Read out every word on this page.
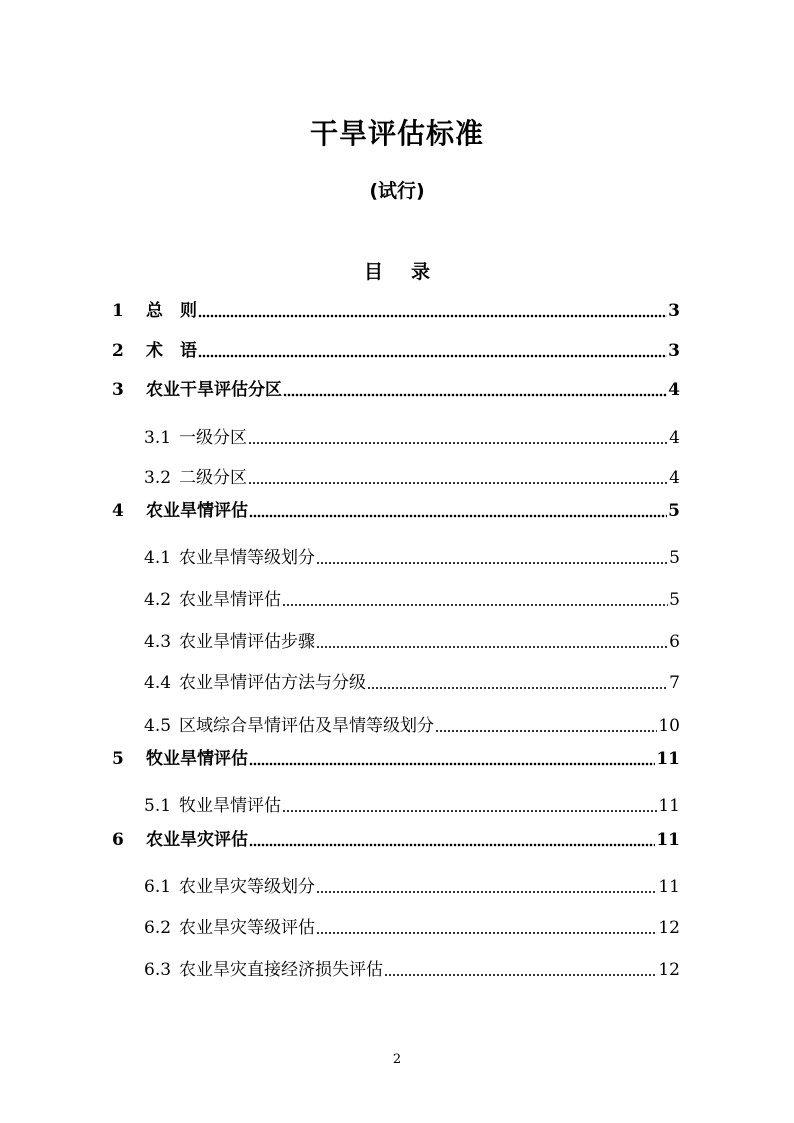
干旱评估标准
(试行)
目录
1	总　则	3
2	术　语	3
3	农业干旱评估分区	4
3.1 一级分区	4
3.2 二级分区	4
4	农业旱情评估	5
4.1 农业旱情等级划分	5
4.2 农业旱情评估	5
4.3 农业旱情评估步骤	6
4.4 农业旱情评估方法与分级	7
4.5 区域综合旱情评估及旱情等级划分	10
5	牧业旱情评估	11
5.1 牧业旱情评估	11
6	农业旱灾评估	11
6.1 农业旱灾等级划分	11
6.2 农业旱灾等级评估	12
6.3 农业旱灾直接经济损失评估	12
2
